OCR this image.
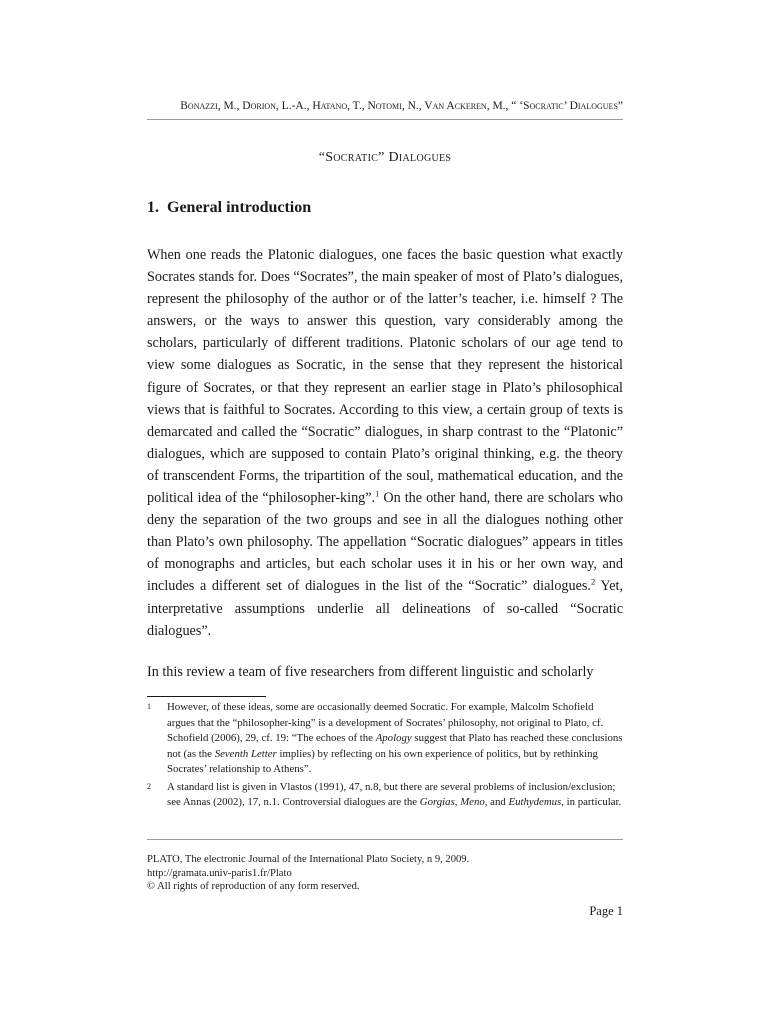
Bonazzi, M., Dorion, L.-A., Hatano, T., Notomi, N., Van Ackeren, M., “ ‘Socratic’ Dialogues”
“Socratic” Dialogues
1. General introduction

When one reads the Platonic dialogues, one faces the basic question what exactly Socrates stands for. Does “Socrates”, the main speaker of most of Plato’s dialogues, represent the philosophy of the author or of the latter’s teacher, i.e. himself ? The answers, or the ways to answer this question, vary considerably among the scholars, particularly of different traditions. Platonic scholars of our age tend to view some dialogues as Socratic, in the sense that they represent the historical figure of Socrates, or that they represent an earlier stage in Plato’s philosophical views that is faithful to Socrates. According to this view, a certain group of texts is demarcated and called the “Socratic” dialogues, in sharp contrast to the “Platonic” dialogues, which are supposed to contain Plato’s original thinking, e.g. the theory of transcendent Forms, the tripartition of the soul, mathematical education, and the political idea of the “philosopher-king”.$^1$ On the other hand, there are scholars who deny the separation of the two groups and see in all the dialogues nothing other than Plato’s own philosophy. The appellation “Socratic dialogues” appears in titles of monographs and articles, but each scholar uses it in his or her own way, and includes a different set of dialogues in the list of the “Socratic” dialogues.$^2$ Yet, interpretative assumptions underlie all delineations of so-called “Socratic dialogues”.

In this review a team of five researchers from different linguistic and scholarly

1 However, of these ideas, some are occasionally deemed Socratic. For example, Malcolm Schofield argues that the “philosopher-king” is a development of Socrates’ philosophy, not original to Plato, cf. Schofield (2006), 29, cf. 19: “The echoes of the Apology suggest that Plato has reached these conclusions not (as the Seventh Letter implies) by reflecting on his own experience of politics, but by rethinking Socrates’ relationship to Athens”.
2 A standard list is given in Vlastos (1991), 47, n.8, but there are several problems of inclusion/exclusion; see Annas (2002), 17, n.1. Controversial dialogues are the Gorgias, Meno, and Euthydemus, in particular.
PLATO, The electronic Journal of the International Plato Society, n 9, 2009.
http://gramata.univ-paris1.fr/Plato
© All rights of reproduction of any form reserved.
Page 1
